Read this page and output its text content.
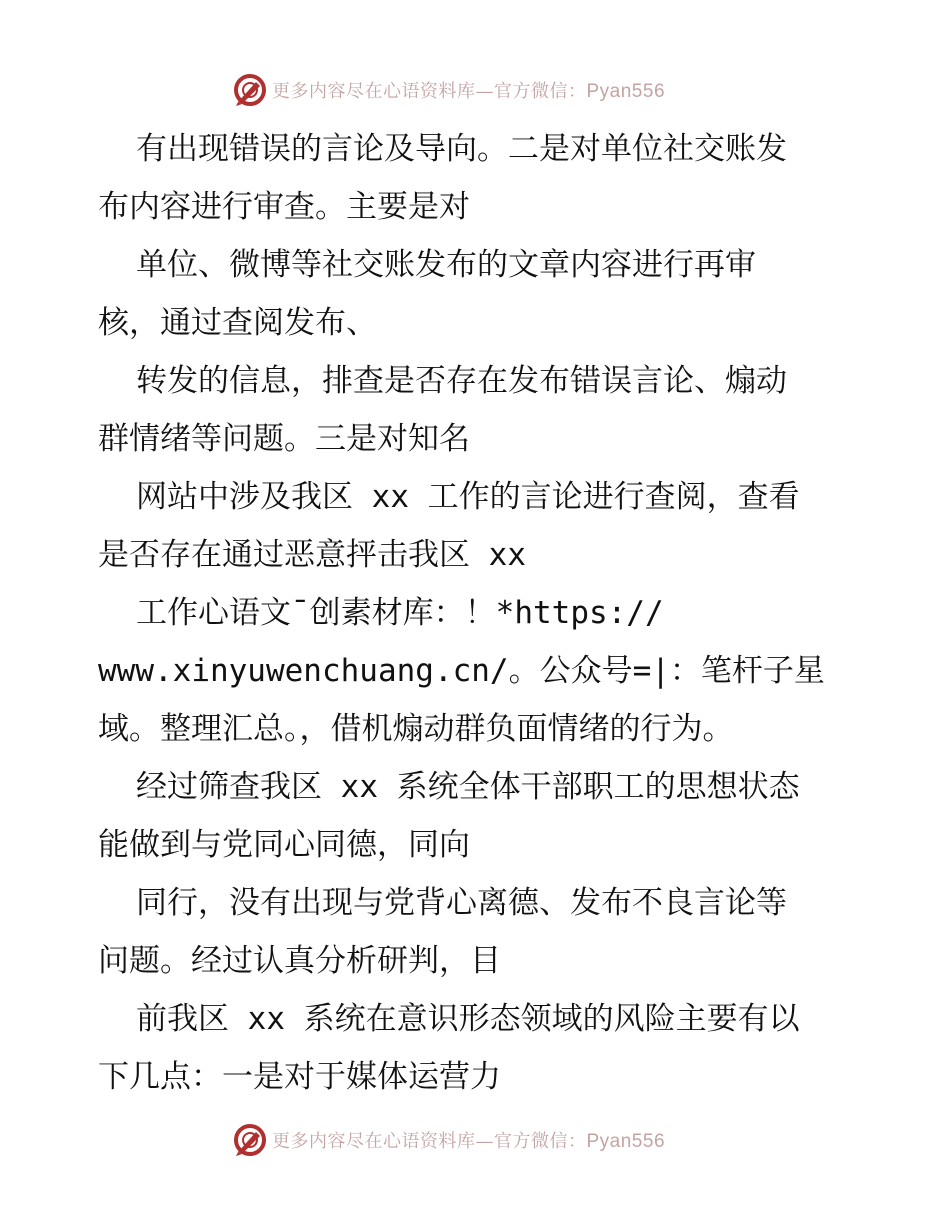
更多内容尽在心语资料库—官方微信：Pyan556
有出现错误的言论及导向。二是对单位社交账发
布内容进行审查。主要是对
单位、微博等社交账发布的文章内容进行再审
核，通过查阅发布、
转发的信息，排查是否存在发布错误言论、煽动
群情绪等问题。三是对知名
网站中涉及我区 xx 工作的言论进行查阅，查看
是否存在通过恶意抨击我区 xx
工作心语文¯创素材库：！*https://
www.xinyuwenchuang.cn/。公众号=|：笔杆子星
域。整理汇总。，借机煽动群负面情绪的行为。
经过筛查我区 xx 系统全体干部职工的思想状态
能做到与党同心同德，同向
同行，没有出现与党背心离德、发布不良言论等
问题。经过认真分析研判，目
前我区 xx 系统在意识形态领域的风险主要有以
下几点：一是对于媒体运营力
更多内容尽在心语资料库—官方微信：Pyan556
